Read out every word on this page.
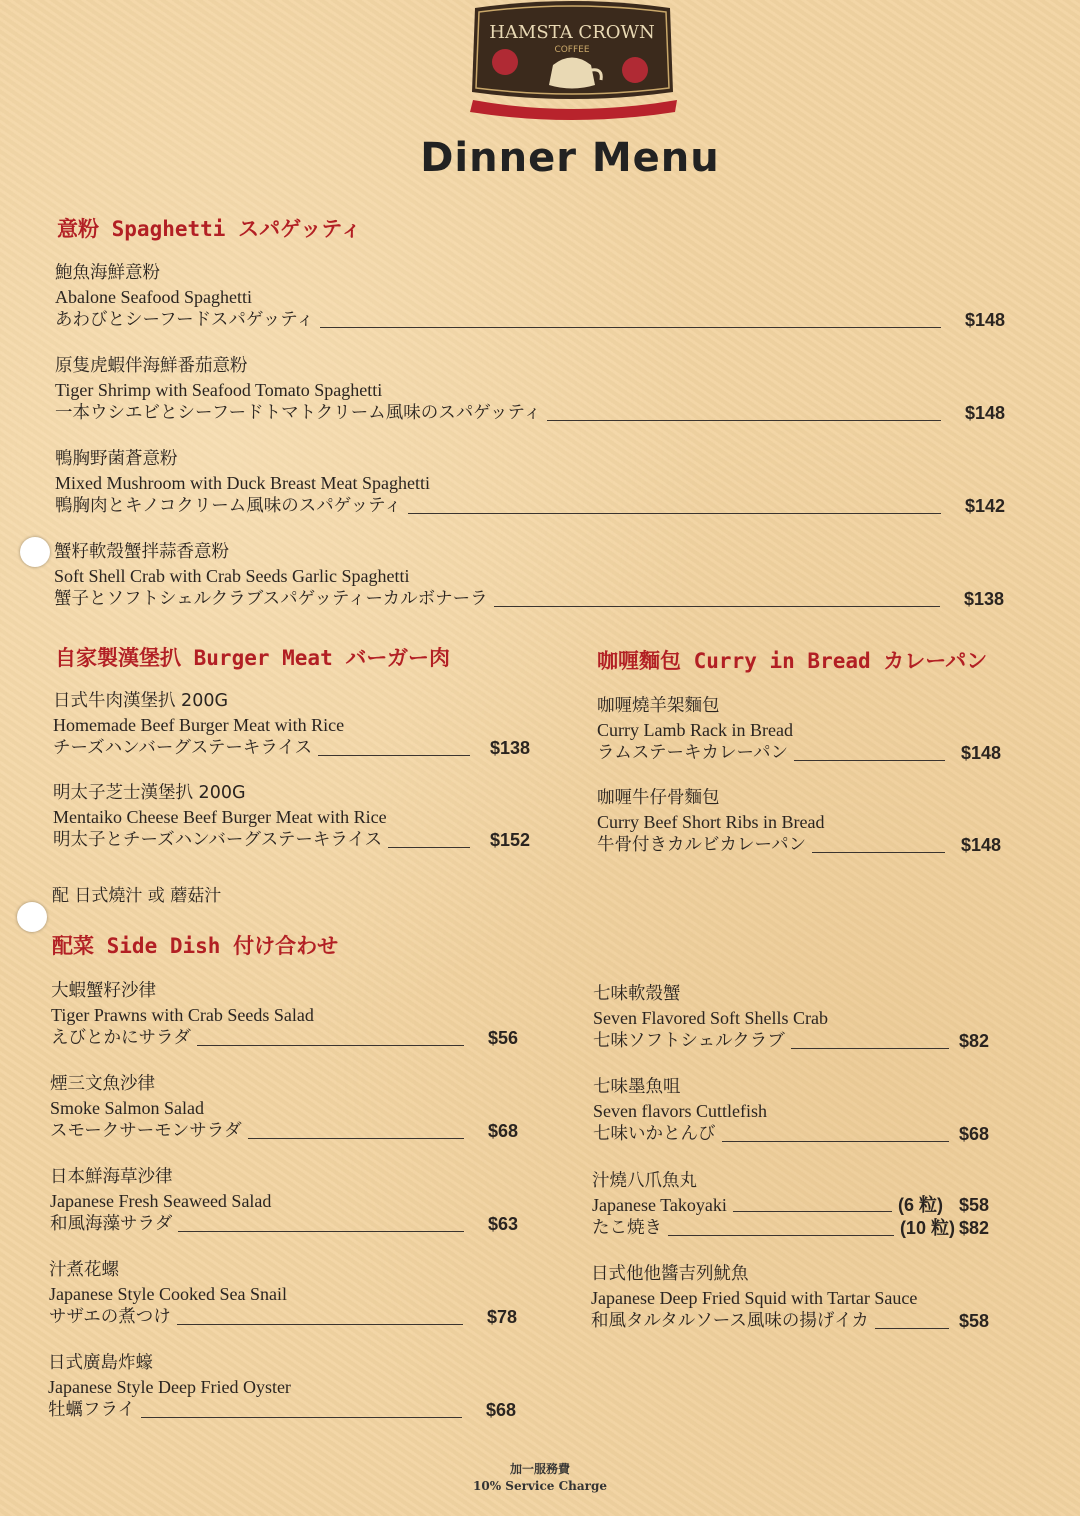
HAMSTA CROWN
COFFEE
Dinner Menu
意粉 Spaghetti スパゲッティ
自家製漢堡扒 Burger Meat バーガー肉	咖喱麵包 Curry in Bread カレーパン
配菜 Side Dish 付け合わせ
鮑魚海鮮意粉
Abalone Seafood Spaghetti
あわびとシーフードスパゲッティ	$148
原隻虎蝦伴海鮮番茄意粉
Tiger Shrimp with Seafood Tomato Spaghetti
一本ウシエビとシーフードトマトクリーム風味のスパゲッティ	$148
鴨胸野菌蒼意粉
Mixed Mushroom with Duck Breast Meat Spaghetti
鴨胸肉とキノコクリーム風味のスパゲッティ	$142
蟹籽軟殼蟹拌蒜香意粉
Soft Shell Crab with Crab Seeds Garlic Spaghetti
蟹子とソフトシェルクラブスパゲッティーカルボナーラ	$138
日式牛肉漢堡扒 200G
Homemade Beef Burger Meat with Rice
チーズハンバーグステーキライス	$138
明太子芝士漢堡扒 200G
Mentaiko Cheese Beef Burger Meat with Rice
明太子とチーズハンバーグステーキライス	$152
配 日式燒汁 或 蘑菇汁
咖喱燒羊架麵包
Curry Lamb Rack in Bread
ラムステーキカレーパン	$148
咖喱牛仔骨麵包
Curry Beef Short Ribs in Bread
牛骨付きカルビカレーパン	$148
大蝦蟹籽沙律
Tiger Prawns with Crab Seeds Salad
えびとかにサラダ	$56
煙三文魚沙律
Smoke Salmon Salad
スモークサーモンサラダ	$68
日本鮮海草沙律
Japanese Fresh Seaweed Salad
和風海藻サラダ	$63
汁煮花螺
Japanese Style Cooked Sea Snail
サザエの煮つけ	$78
日式廣島炸蠔
Japanese Style Deep Fried Oyster
牡蠣フライ	$68
七味軟殼蟹
Seven Flavored Soft Shells Crab
七味ソフトシェルクラブ	$82
七味墨魚咀
Seven flavors Cuttlefish
七味いかとんび	$68
汁燒八爪魚丸
Japanese Takoyaki	(6 粒) $58
たこ焼き	(10 粒) $82
日式他他醬吉列魷魚
Japanese Deep Fried Squid with Tartar Sauce
和風タルタルソース風味の揚げイカ	$58
加一服務費
10% Service Charge
